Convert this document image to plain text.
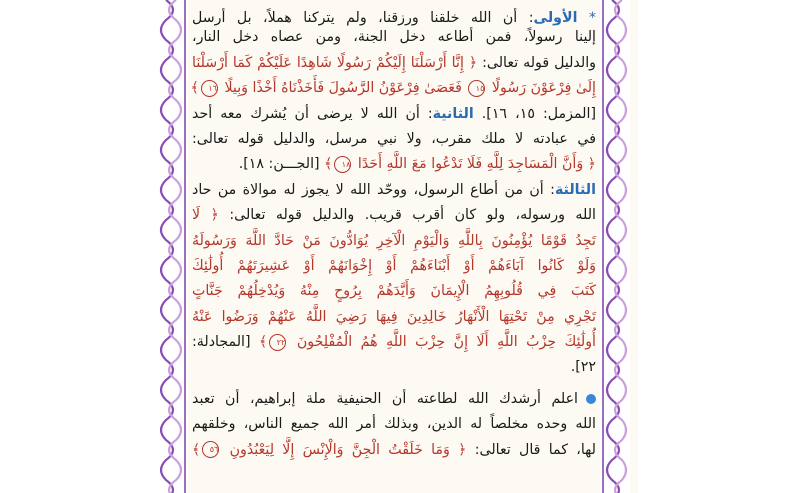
* الأولى: أن الله خلقنا ورزقنا، ولم يتركنا هملاً، بل أرسل
إلينا رسولاً، فمن أطاعه دخل الجنة، ومن عصاه دخل النار،
والدليل قوله تعالى: ﴿ إِنَّا أَرْسَلْنَا إِلَيْكُمْ رَسُولًا شَاهِدًا عَلَيْكُمْ كَمَا أَرْسَلْنَا
إِلَىٰ فِرْعَوْنَ رَسُولًا ١٥ فَعَصَىٰ فِرْعَوْنُ الرَّسُولَ فَأَخَذْنَاهُ أَخْذًا وَبِيلًا ١٦﴾
[المزمل: ١٥، ١٦]. الثانية: أن الله لا يرضى أن يُشرك معه أحد
في عبادته لا ملك مقرب، ولا نبي مرسل، والدليل قوله تعالى:
﴿ وَأَنَّ الْمَسَاجِدَ لِلَّهِ فَلَا تَدْعُوا مَعَ اللَّهِ أَحَدًا ١٨﴾ [الجـــن: ١٨].
الثالثة: أن من أطاع الرسول، ووحّد الله لا يجوز له موالاة من حاد
الله ورسوله، ولو كان أقرب قريب. والدليل قوله تعالى: ﴿ لَا
تَجِدُ قَوْمًا يُؤْمِنُونَ بِاللَّهِ وَالْيَوْمِ الْآخِرِ يُوَادُّونَ مَنْ حَادَّ اللَّهَ وَرَسُولَهُ
وَلَوْ كَانُوا آبَاءَهُمْ أَوْ أَبْنَاءَهُمْ أَوْ إِخْوَانَهُمْ أَوْ عَشِيرَتَهُمْ أُولَٰئِكَ
كَتَبَ فِي قُلُوبِهِمُ الْإِيمَانَ وَأَيَّدَهُمْ بِرُوحٍ مِنْهُ وَيُدْخِلُهُمْ جَنَّاتٍ
تَجْرِي مِنْ تَحْتِهَا الْأَنْهَارُ خَالِدِينَ فِيهَا رَضِيَ اللَّهُ عَنْهُمْ وَرَضُوا عَنْهُ
أُولَٰئِكَ حِزْبُ اللَّهِ أَلَا إِنَّ حِزْبَ اللَّهِ هُمُ الْمُفْلِحُونَ ٢٢﴾ [المجادلة:
٢٢].
اعلم أرشدك الله لطاعته أن الحنيفية ملة إبراهيم، أن تعبد
الله وحده مخلصاً له الدين، وبذلك أمر الله جميع الناس، وخلقهم
لها، كما قال تعالى: ﴿ وَمَا خَلَقْتُ الْجِنَّ وَالْإِنْسَ إِلَّا لِيَعْبُدُونِ ٥٦﴾
